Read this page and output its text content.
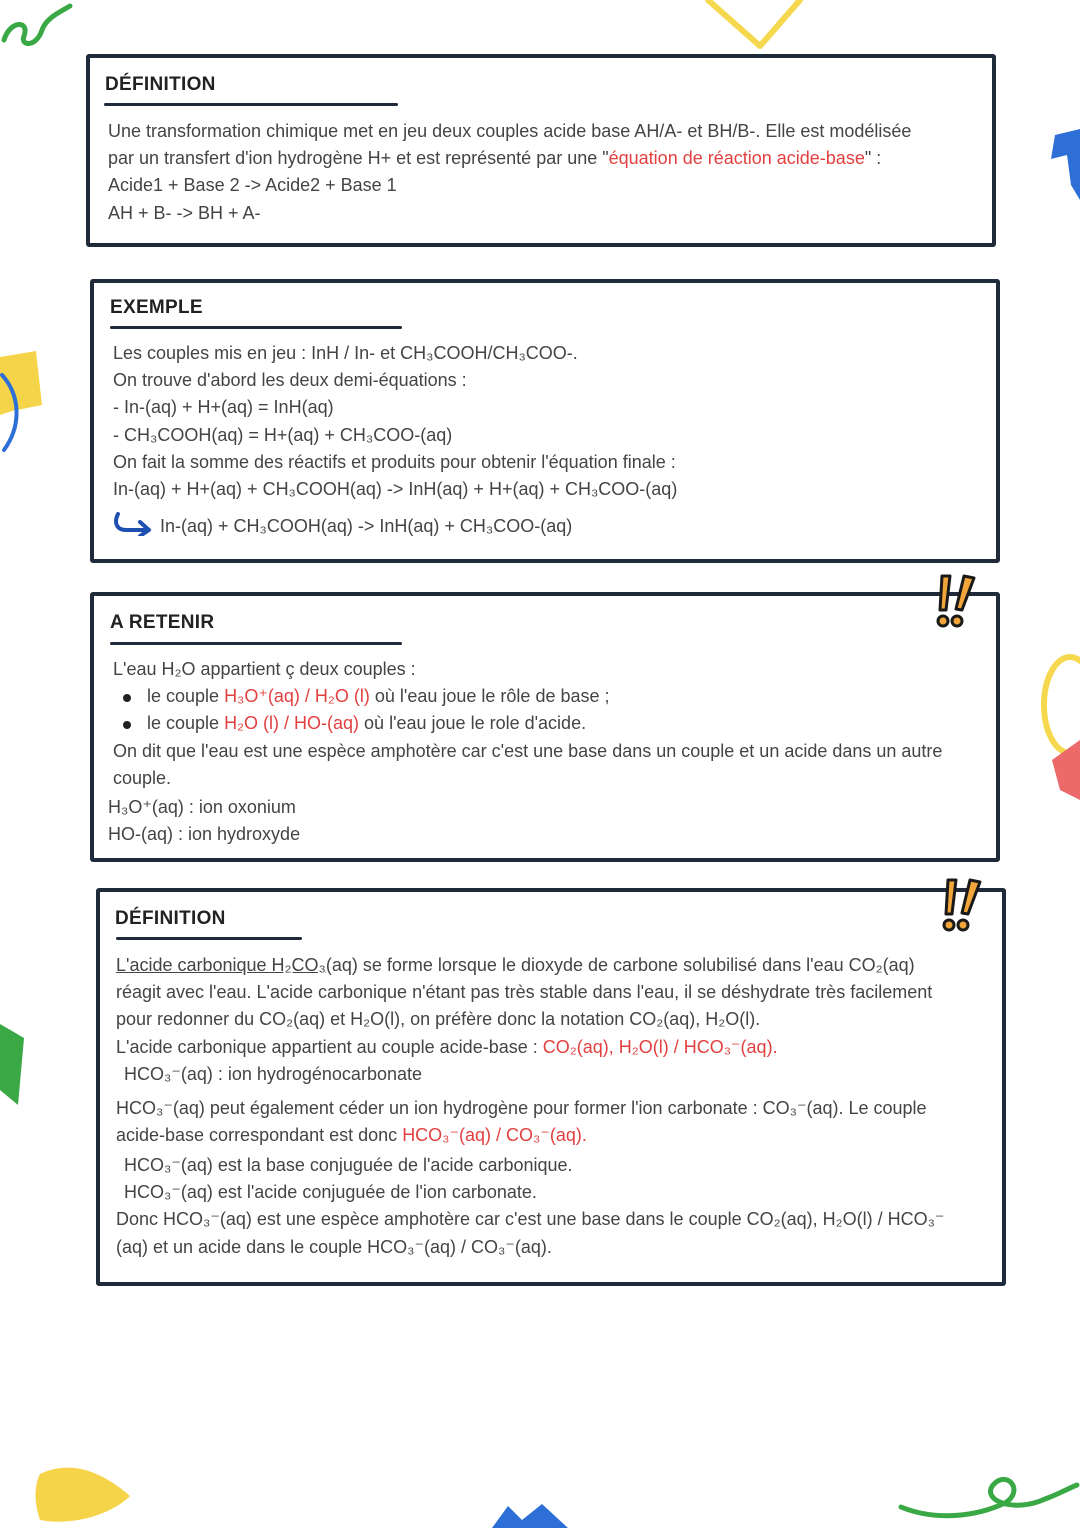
DÉFINITION
Une transformation chimique met en jeu deux couples acide base AH/A- et BH/B-. Elle est modélisée
par un transfert d'ion hydrogène H+ et est représenté par une "équation de réaction acide-base" :
Acide1 + Base 2 -> Acide2 + Base 1
AH + B- -> BH + A-
EXEMPLE
Les couples mis en jeu : InH / In- et CH₃COOH/CH₃COO-.
On trouve d'abord les deux demi-équations :
- In-(aq) + H+(aq) = InH(aq)
- CH₃COOH(aq) = H+(aq) + CH₃COO-(aq)
On fait la somme des réactifs et produits pour obtenir l'équation finale :
In-(aq) + H+(aq) + CH₃COOH(aq) -> InH(aq) + H+(aq) + CH₃COO-(aq)
In-(aq) + CH₃COOH(aq) -> InH(aq) + CH₃COO-(aq)
A RETENIR
L'eau H₂O appartient ç deux couples :
le couple H₃O⁺(aq) / H₂O (l) où l'eau joue le rôle de base ;
le couple H₂O (l) / HO-(aq) où l'eau joue le role d'acide.
On dit que l'eau est une espèce amphotère car c'est une base dans un couple et un acide dans un autre
couple.
H₃O⁺(aq) : ion oxonium
HO-(aq) : ion hydroxyde
DÉFINITION
L'acide carbonique H₂CO₃(aq) se forme lorsque le dioxyde de carbone solubilisé dans l'eau CO₂(aq)
réagit avec l'eau. L'acide carbonique n'étant pas très stable dans l'eau, il se déshydrate très facilement
pour redonner du CO₂(aq) et H₂O(l), on préfère donc la notation CO₂(aq), H₂O(l).
L'acide carbonique appartient au couple acide-base : CO₂(aq), H₂O(l) / HCO₃⁻(aq).
HCO₃⁻(aq) : ion hydrogénocarbonate
HCO₃⁻(aq) peut également céder un ion hydrogène pour former l'ion carbonate : CO₃⁻(aq). Le couple
acide-base correspondant est donc HCO₃⁻(aq) / CO₃⁻(aq).
HCO₃⁻(aq) est la base conjuguée de l'acide carbonique.
HCO₃⁻(aq) est l'acide conjuguée de l'ion carbonate.
Donc HCO₃⁻(aq) est une espèce amphotère car c'est une base dans le couple CO₂(aq), H₂O(l) / HCO₃⁻
(aq) et un acide dans le couple HCO₃⁻(aq) / CO₃⁻(aq).
